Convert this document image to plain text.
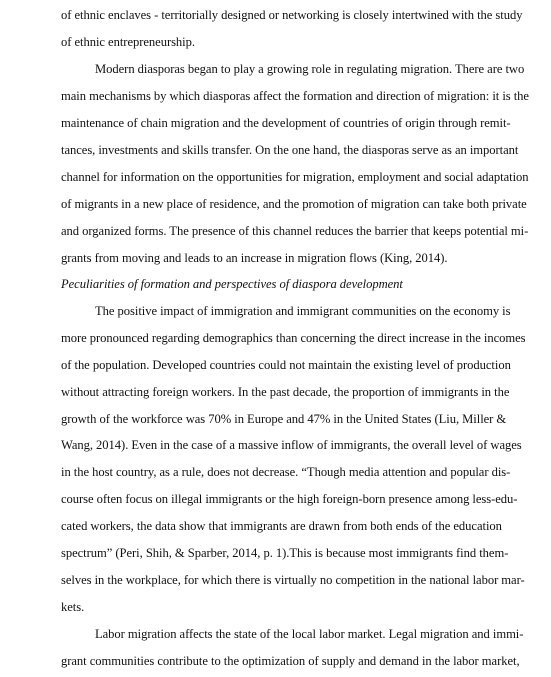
of ethnic enclaves - territorially designed or networking is closely intertwined with the study
of ethnic entrepreneurship.
Modern diasporas began to play a growing role in regulating migration. There are two
main mechanisms by which diasporas affect the formation and direction of migration: it is the
maintenance of chain migration and the development of countries of origin through remit-
tances, investments and skills transfer. On the one hand, the diasporas serve as an important
channel for information on the opportunities for migration, employment and social adaptation
of migrants in a new place of residence, and the promotion of migration can take both private
and organized forms. The presence of this channel reduces the barrier that keeps potential mi-
grants from moving and leads to an increase in migration flows (King, 2014).
Peculiarities of formation and perspectives of diaspora development
The positive impact of immigration and immigrant communities on the economy is
more pronounced regarding demographics than concerning the direct increase in the incomes
of the population. Developed countries could not maintain the existing level of production
without attracting foreign workers. In the past decade, the proportion of immigrants in the
growth of the workforce was 70% in Europe and 47% in the United States (Liu, Miller &
Wang, 2014). Even in the case of a massive inflow of immigrants, the overall level of wages
in the host country, as a rule, does not decrease. “Though media attention and popular dis-
course often focus on illegal immigrants or the high foreign-born presence among less-edu-
cated workers, the data show that immigrants are drawn from both ends of the education
spectrum” (Peri, Shih, & Sparber, 2014, p. 1).This is because most immigrants find them-
selves in the workplace, for which there is virtually no competition in the national labor mar-
kets.
Labor migration affects the state of the local labor market. Legal migration and immi-
grant communities contribute to the optimization of supply and demand in the labor market,
